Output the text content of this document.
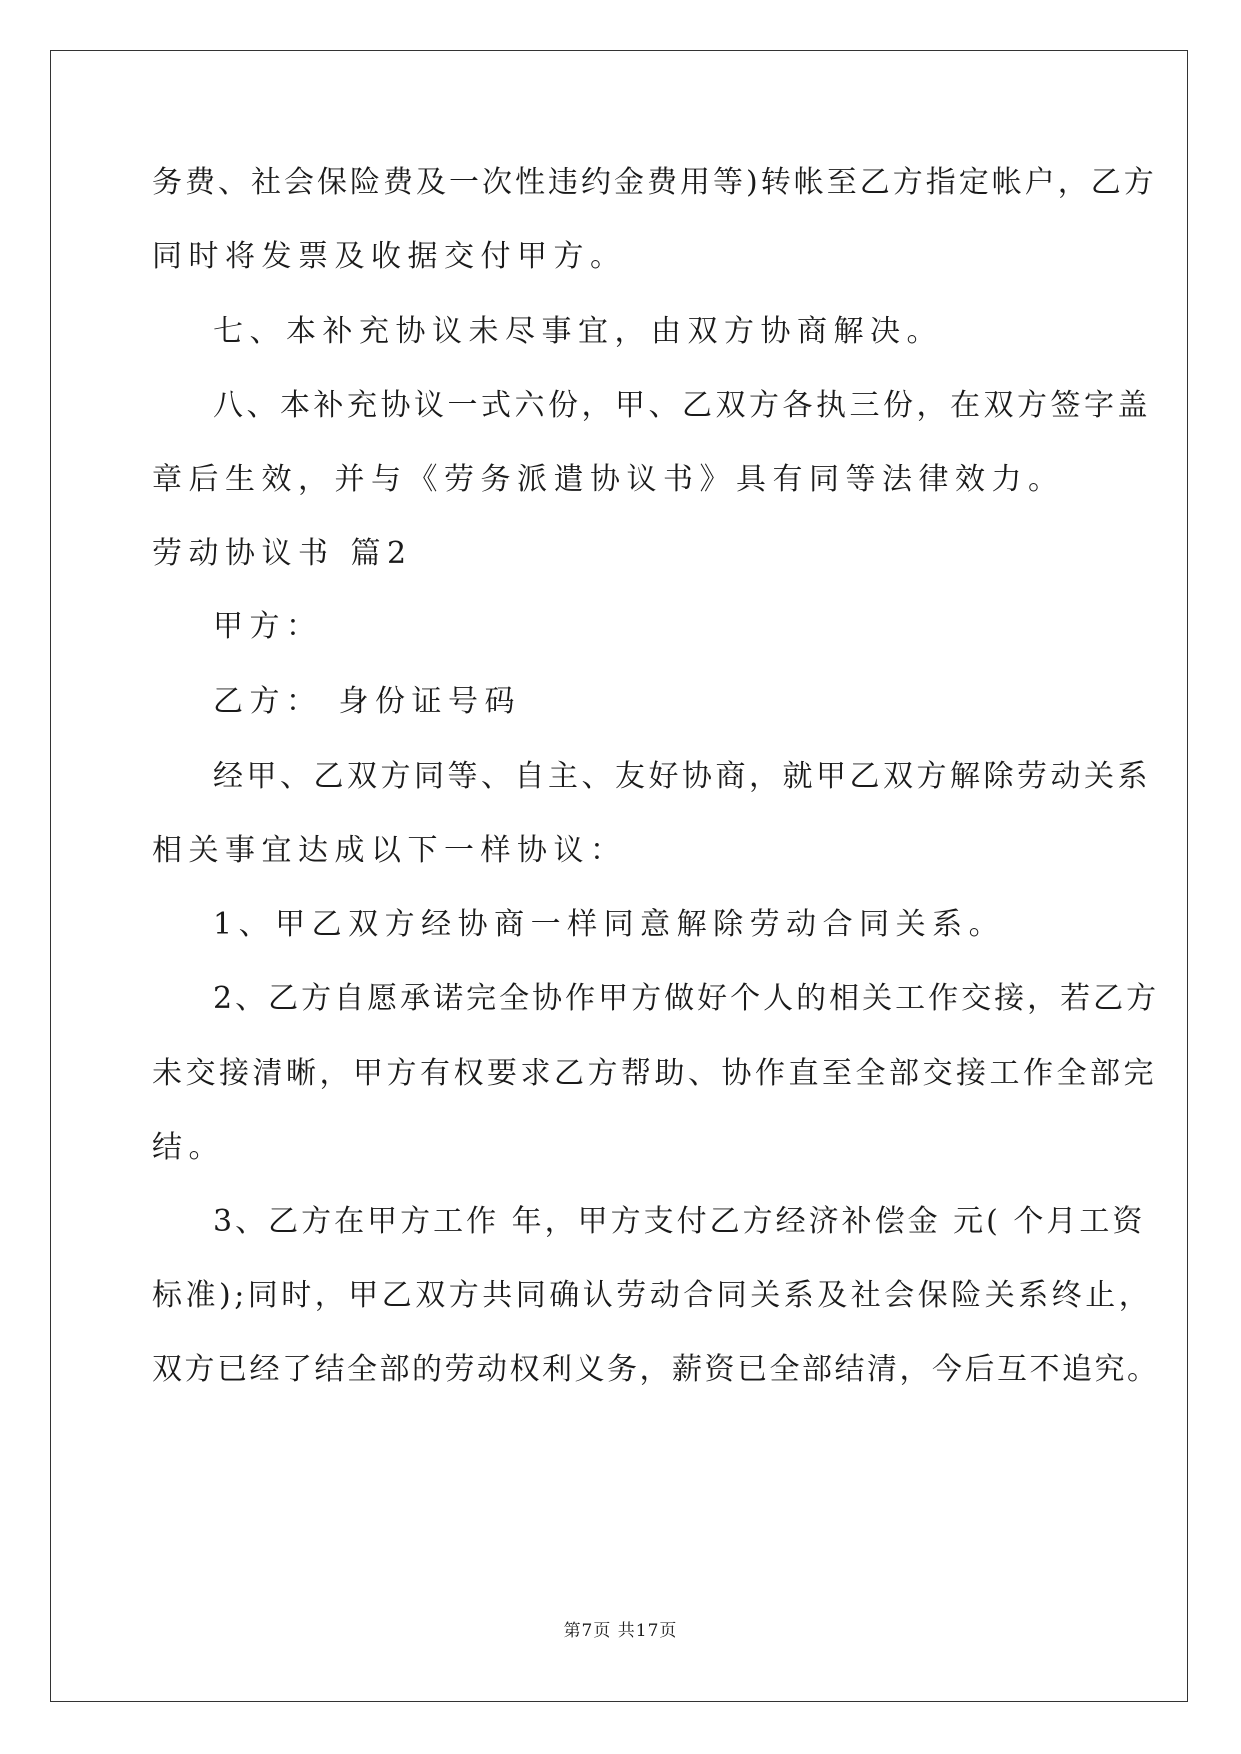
务费、社会保险费及一次性违约金费用等)转帐至乙方指定帐户，乙方
同时将发票及收据交付甲方。
七、本补充协议未尽事宜，由双方协商解决。
八、本补充协议一式六份，甲、乙双方各执三份，在双方签字盖
章后生效，并与《劳务派遣协议书》具有同等法律效力。
劳动协议书 篇2
甲方：
乙方： 身份证号码
经甲、乙双方同等、自主、友好协商，就甲乙双方解除劳动关系
相关事宜达成以下一样协议：
1、甲乙双方经协商一样同意解除劳动合同关系。
2、乙方自愿承诺完全协作甲方做好个人的相关工作交接，若乙方
未交接清晰，甲方有权要求乙方帮助、协作直至全部交接工作全部完
结。
3、乙方在甲方工作 年，甲方支付乙方经济补偿金 元( 个月工资
标准);同时，甲乙双方共同确认劳动合同关系及社会保险关系终止，
双方已经了结全部的劳动权利义务，薪资已全部结清，今后互不追究。
第7页 共17页
